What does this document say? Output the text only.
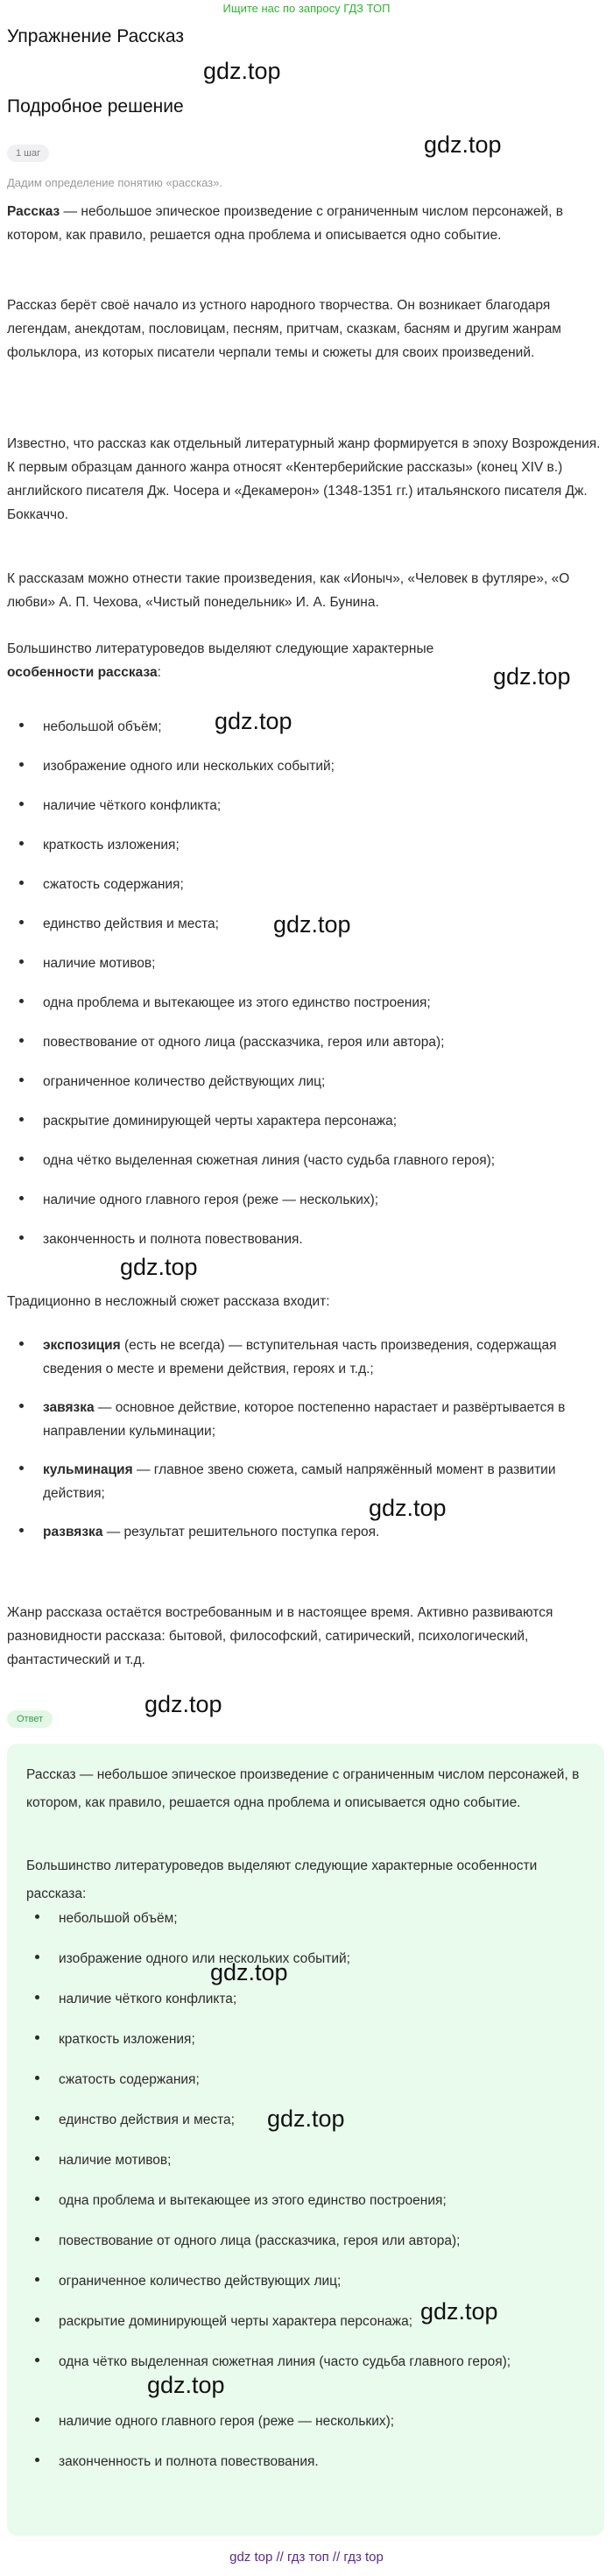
Ищите нас по запросу ГДЗ ТОП
Упражнение Рассказ
gdz.top
Подробное решение
gdz.top
1 шаг
Дадим определение понятию «рассказ».
Рассказ — небольшое эпическое произведение с ограниченным числом персонажей, в котором, как правило, решается одна проблема и описывается одно событие.
Рассказ берёт своё начало из устного народного творчества. Он возникает благодаря легендам, анекдотам, пословицам, песням, притчам, сказкам, басням и другим жанрам фольклора, из которых писатели черпали темы и сюжеты для своих произведений.
Известно, что рассказ как отдельный литературный жанр формируется в эпоху Возрождения. К первым образцам данного жанра относят «Кентерберийские рассказы» (конец XIV в.) английского писателя Дж. Чосера и «Декамерон» (1348-1351 гг.) итальянского писателя Дж. Боккаччо.
К рассказам можно отнести такие произведения, как «Ионыч», «Человек в футляре», «О любви» А. П. Чехова, «Чистый понедельник» И. А. Бунина.
Большинство литературоведов выделяют следующие характерные
особенности рассказа:	gdz.top
небольшой объём;
изображение одного или нескольких событий;
наличие чёткого конфликта;
краткость изложения;
сжатость содержания;
единство действия и места;
наличие мотивов;
одна проблема и вытекающее из этого единство построения;
повествование от одного лица (рассказчика, героя или автора);
ограниченное количество действующих лиц;
раскрытие доминирующей черты характера персонажа;
одна чётко выделенная сюжетная линия (часто судьба главного героя);
наличие одного главного героя (реже — нескольких);
законченность и полнота повествования.
gdz.top
gdz.top
gdz.top
Традиционно в несложный сюжет рассказа входит:
экспозиция (есть не всегда) — вступительная часть произведения, содержащая сведения о месте и времени действия, героях и т.д.;
завязка — основное действие, которое постепенно нарастает и развёртывается в направлении кульминации;
кульминация — главное звено сюжета, самый напряжённый момент в развитии действия;
развязка — результат решительного поступка героя.
gdz.top
Жанр рассказа остаётся востребованным и в настоящее время. Активно развиваются разновидности рассказа: бытовой, философский, сатирический, психологический, фантастический и т.д.
gdz.top
Ответ
Рассказ — небольшое эпическое произведение с ограниченным числом персонажей, в котором, как правило, решается одна проблема и описывается одно событие.
Большинство литературоведов выделяют следующие характерные особенности рассказа:
небольшой объём;
изображение одного или нескольких событий;
наличие чёткого конфликта;
краткость изложения;
сжатость содержания;
единство действия и места;
наличие мотивов;
одна проблема и вытекающее из этого единство построения;
повествование от одного лица (рассказчика, героя или автора);
ограниченное количество действующих лиц;
раскрытие доминирующей черты характера персонажа;
одна чётко выделенная сюжетная линия (часто судьба главного героя);
наличие одного главного героя (реже — нескольких);
законченность и полнота повествования.
gdz.top
gdz.top
gdz.top
gdz.top
gdz top // гдз топ // гдз top
